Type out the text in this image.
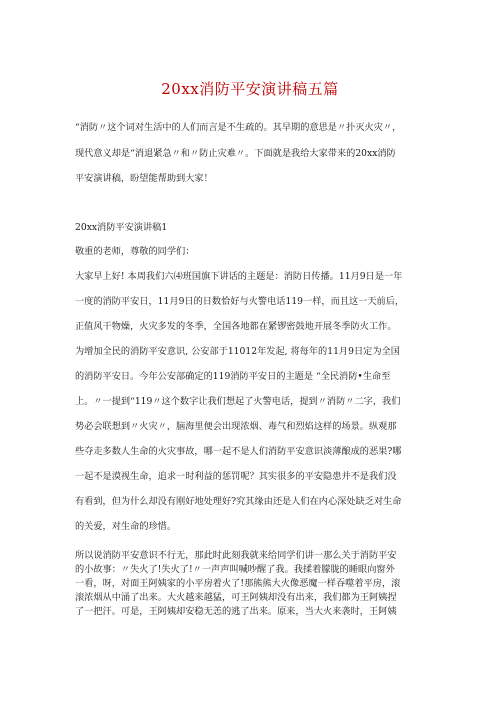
20xx消防平安演讲稿五篇
“消防〃这个词对生活中的人们而言是不生疏的。其早期的意思是〃扑灭火灾〃，
现代意义却是“消退紧急〃和〃防止灾难〃。下面就是我给大家带来的20xx消防
平安演讲稿，盼望能帮助到大家！
20xx消防平安演讲稿1
敬重的老师，尊敬的同学们：
大家早上好! 本周我们六⑷班国旗下讲话的主题是：消防日传播。11月9日是一年
一度的消防平安日，11月9日的日数恰好与火警电话119一样，而且这一天前后，
正值风干物燥，火灾多发的冬季，全国各地都在紧锣密鼓地开展冬季防火工作。
为增加全民的消防平安意识, 公安部于11012年发起, 将每年的11月9日定为全国
的消防平安日。今年公安部确定的119消防平安日的主题是 “全民消防•生命至
上。〃一提到“119〃这个数字让我们想起了火警电话，提到〃消防〃二字，我们
势必会联想到〃火灾〃，脑海里便会出现浓烟、毒气和烈焰这样的场景。纵观那
些夺走多数人生命的火灾事故，哪一起不是人们消防平安意识淡薄酿成的恶果?哪
一起不是漠视生命，追求一时利益的惩罚呢？其实很多的平安隐患并不是我们没
有看到，但为什么却没有刚好地处理好?究其缘由还是人们在内心深处缺乏对生命
的关爱，对生命的珍惜。
所以说消防平安意识不行无，那此时此刻我就来给同学们讲一那么关于消防平安
的小故事：〃失火了!失火了!〃一声声叫喊吵醒了我。我揉着朦胧的睡眼向窗外
一看，呀，对面王阿姨家的小平房着火了!那熊熊大火像恶魔一样吞噬着平房，滚
滚浓烟从中涌了出来。大火越来越猛，可王阿姨却没有出来，我们都为王阿姨捏
了一把汗。可是，王阿姨却安稳无恙的逃了出来。原来，当大火来袭时，王阿姨
